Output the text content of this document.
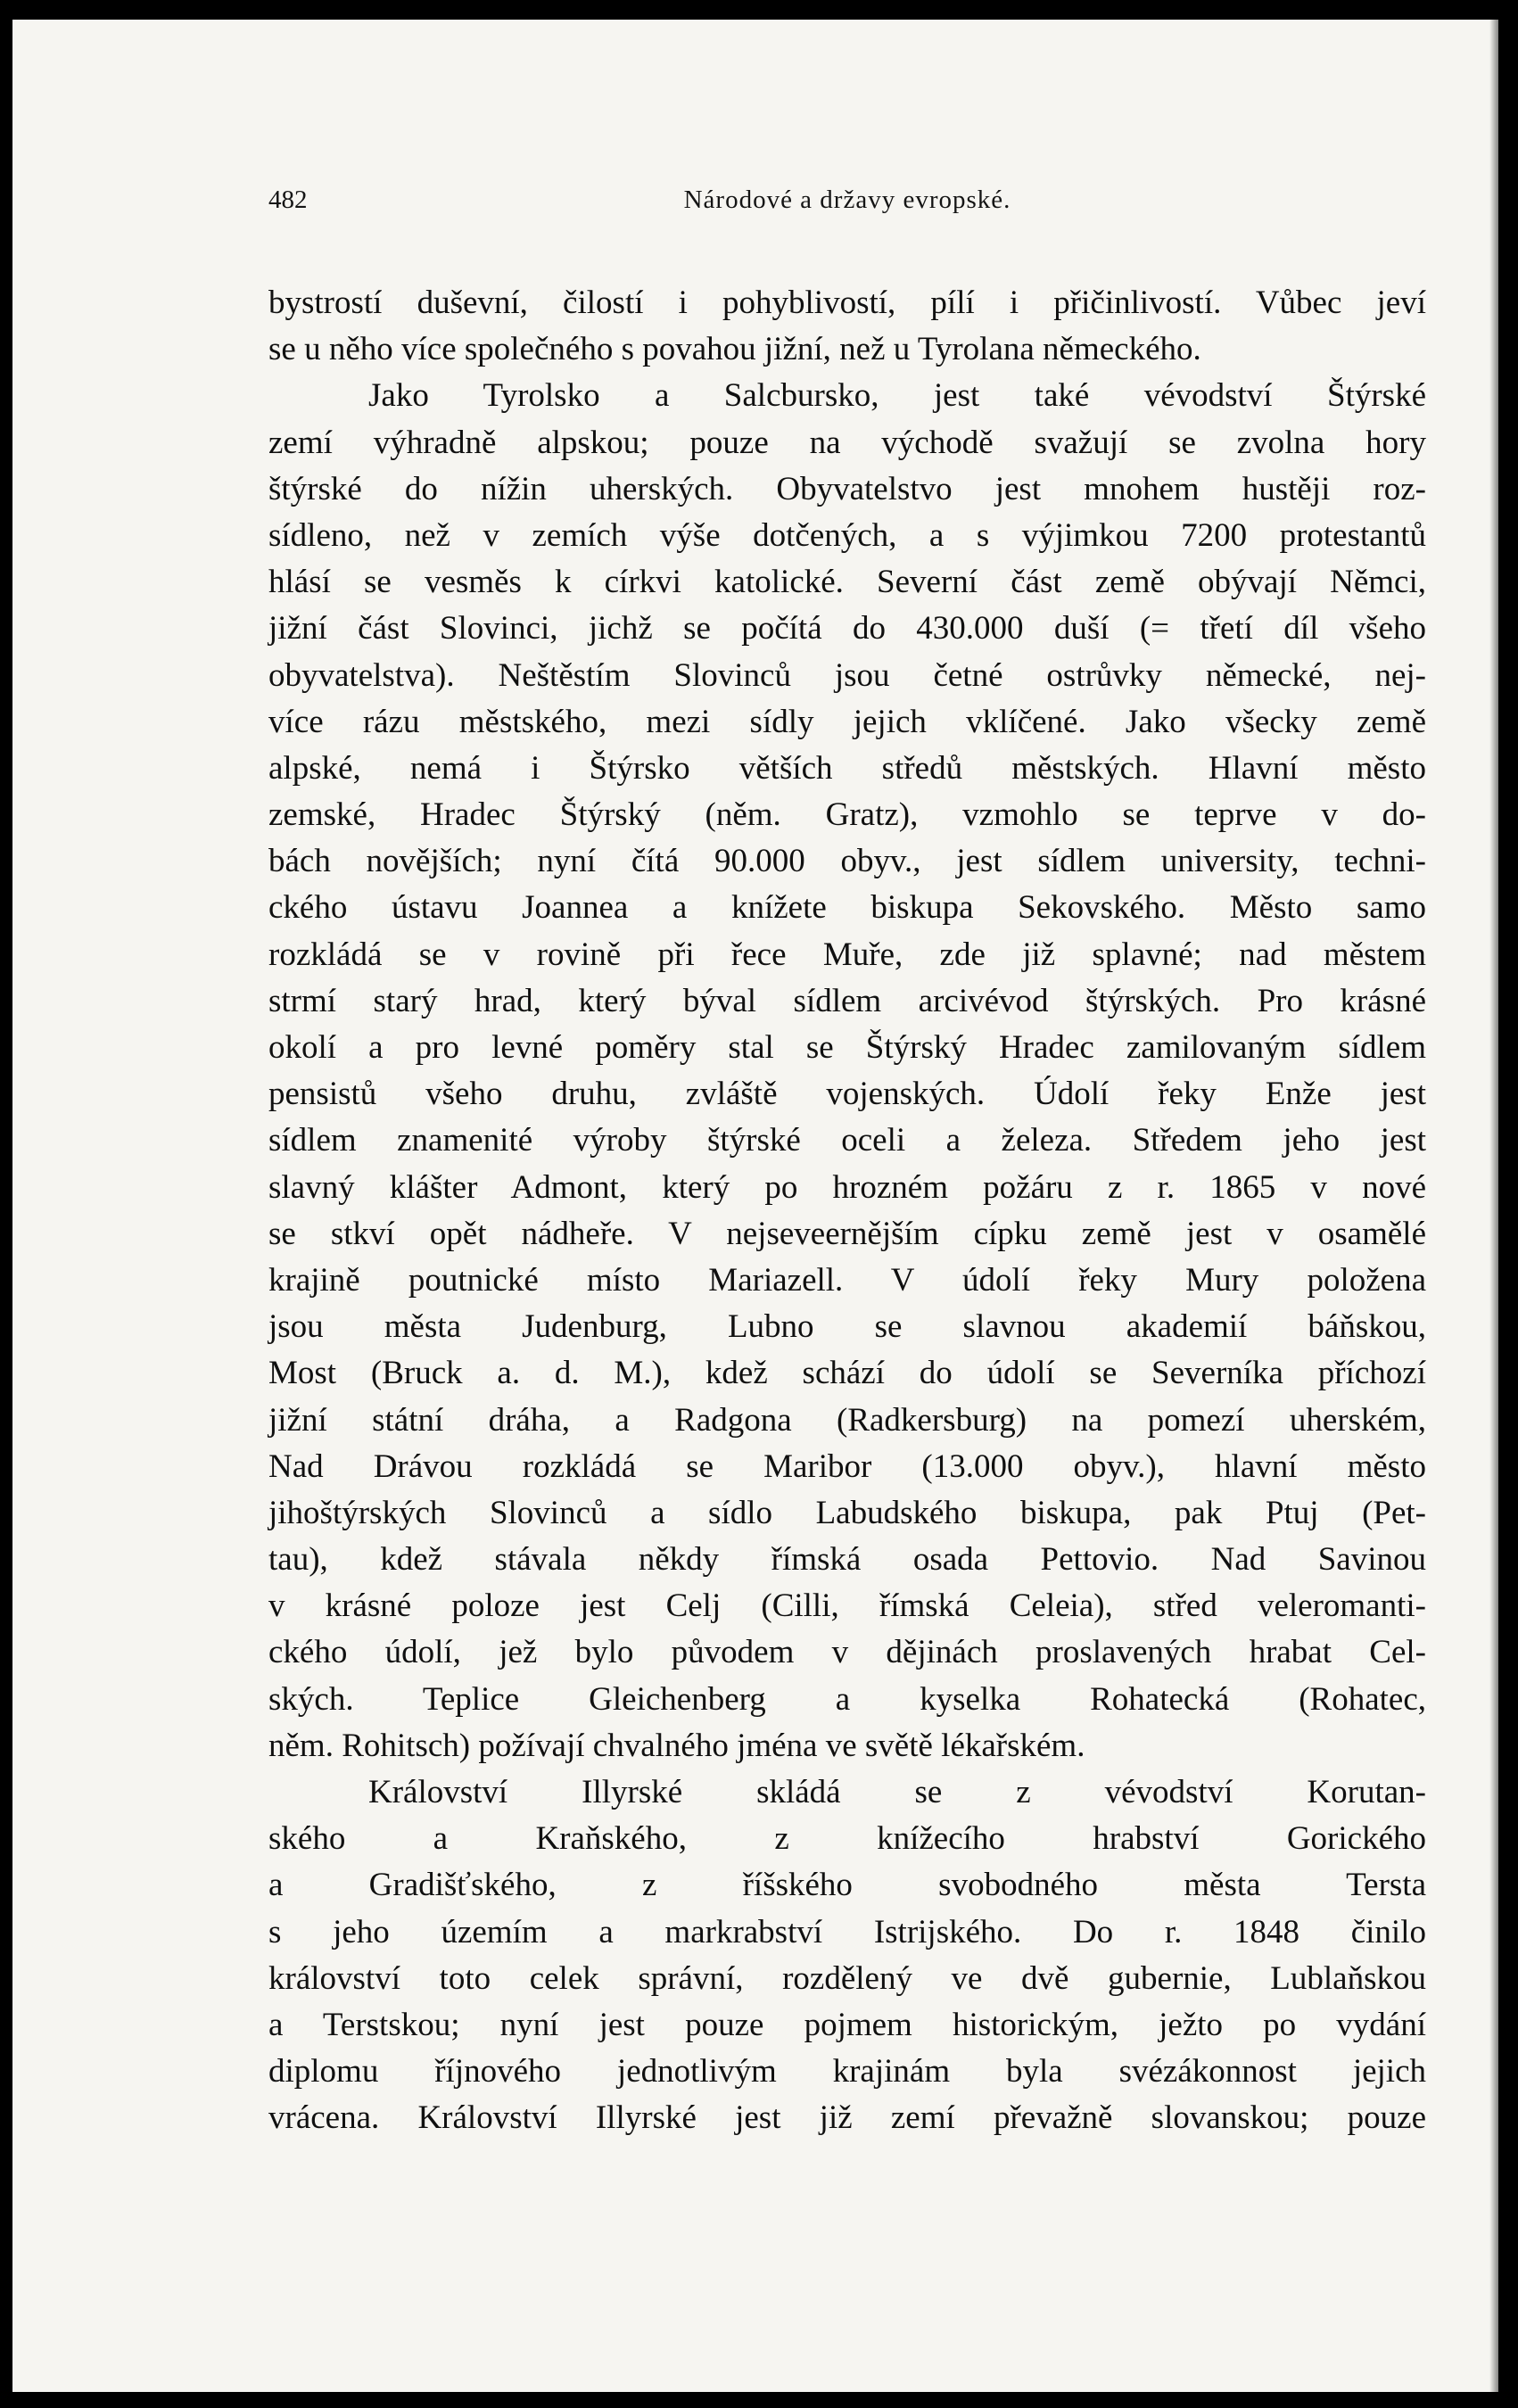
482	Národové a državy evropské.
bystrostí duševní, čilostí i pohyblivostí, pílí i přičinlivostí. Vůbec jeví
se u něho více společného s povahou jižní, než u Tyrolana německého.
Jako Tyrolsko a Salcbursko, jest také vévodství Štýrské
zemí výhradně alpskou; pouze na východě svažují se zvolna hory
štýrské do nížin uherských. Obyvatelstvo jest mnohem hustěji roz-
sídleno, než v zemích výše dotčených, a s výjimkou 7200 protestantů
hlásí se vesměs k církvi katolické. Severní část země obývají Němci,
jižní část Slovinci, jichž se počítá do 430.000 duší (= třetí díl všeho
obyvatelstva). Neštěstím Slovinců jsou četné ostrůvky německé, nej-
více rázu městského, mezi sídly jejich vklíčené. Jako všecky země
alpské, nemá i Štýrsko větších středů městských. Hlavní město
zemské, Hradec Štýrský (něm. Gratz), vzmohlo se teprve v do-
bách novějších; nyní čítá 90.000 obyv., jest sídlem university, techni-
ckého ústavu Joannea a knížete biskupa Sekovského. Město samo
rozkládá se v rovině při řece Muře, zde již splavné; nad městem
strmí starý hrad, který býval sídlem arcivévod štýrských. Pro krásné
okolí a pro levné poměry stal se Štýrský Hradec zamilovaným sídlem
pensistů všeho druhu, zvláště vojenských. Údolí řeky Enže jest
sídlem znamenité výroby štýrské oceli a železa. Středem jeho jest
slavný klášter Admont, který po hrozném požáru z r. 1865 v nové
se stkví opět nádheře. V nejseveernějším cípku země jest v osamělé
krajině poutnické místo Mariazell. V údolí řeky Mury položena
jsou města Judenburg, Lubno se slavnou akademií báňskou,
Most (Bruck a. d. M.), kdež schází do údolí se Severníka příchozí
jižní státní dráha, a Radgona (Radkersburg) na pomezí uherském,
Nad Drávou rozkládá se Maribor (13.000 obyv.), hlavní město
jihoštýrských Slovinců a sídlo Labudského biskupa, pak Ptuj (Pet-
tau), kdež stávala někdy římská osada Pettovio. Nad Savinou
v krásné poloze jest Celj (Cilli, římská Celeia), střed veleromanti-
ckého údolí, jež bylo původem v dějinách proslavených hrabat Cel-
ských. Teplice Gleichenberg a kyselka Rohatecká (Rohatec,
něm. Rohitsch) požívají chvalného jména ve světě lékařském.
Království Illyrské skládá se z vévodství Korutan-
ského a Kraňského, z knížecího hrabství Gorického
a Gradišťského, z říšského svobodného města Tersta
s jeho územím a markrabství Istrijského. Do r. 1848 činilo
království toto celek správní, rozdělený ve dvě gubernie, Lublaňskou
a Terstskou; nyní jest pouze pojmem historickým, ježto po vydání
diplomu říjnového jednotlivým krajinám byla svézákonnost jejich
vrácena. Království Illyrské jest již zemí převažně slovanskou; pouze
